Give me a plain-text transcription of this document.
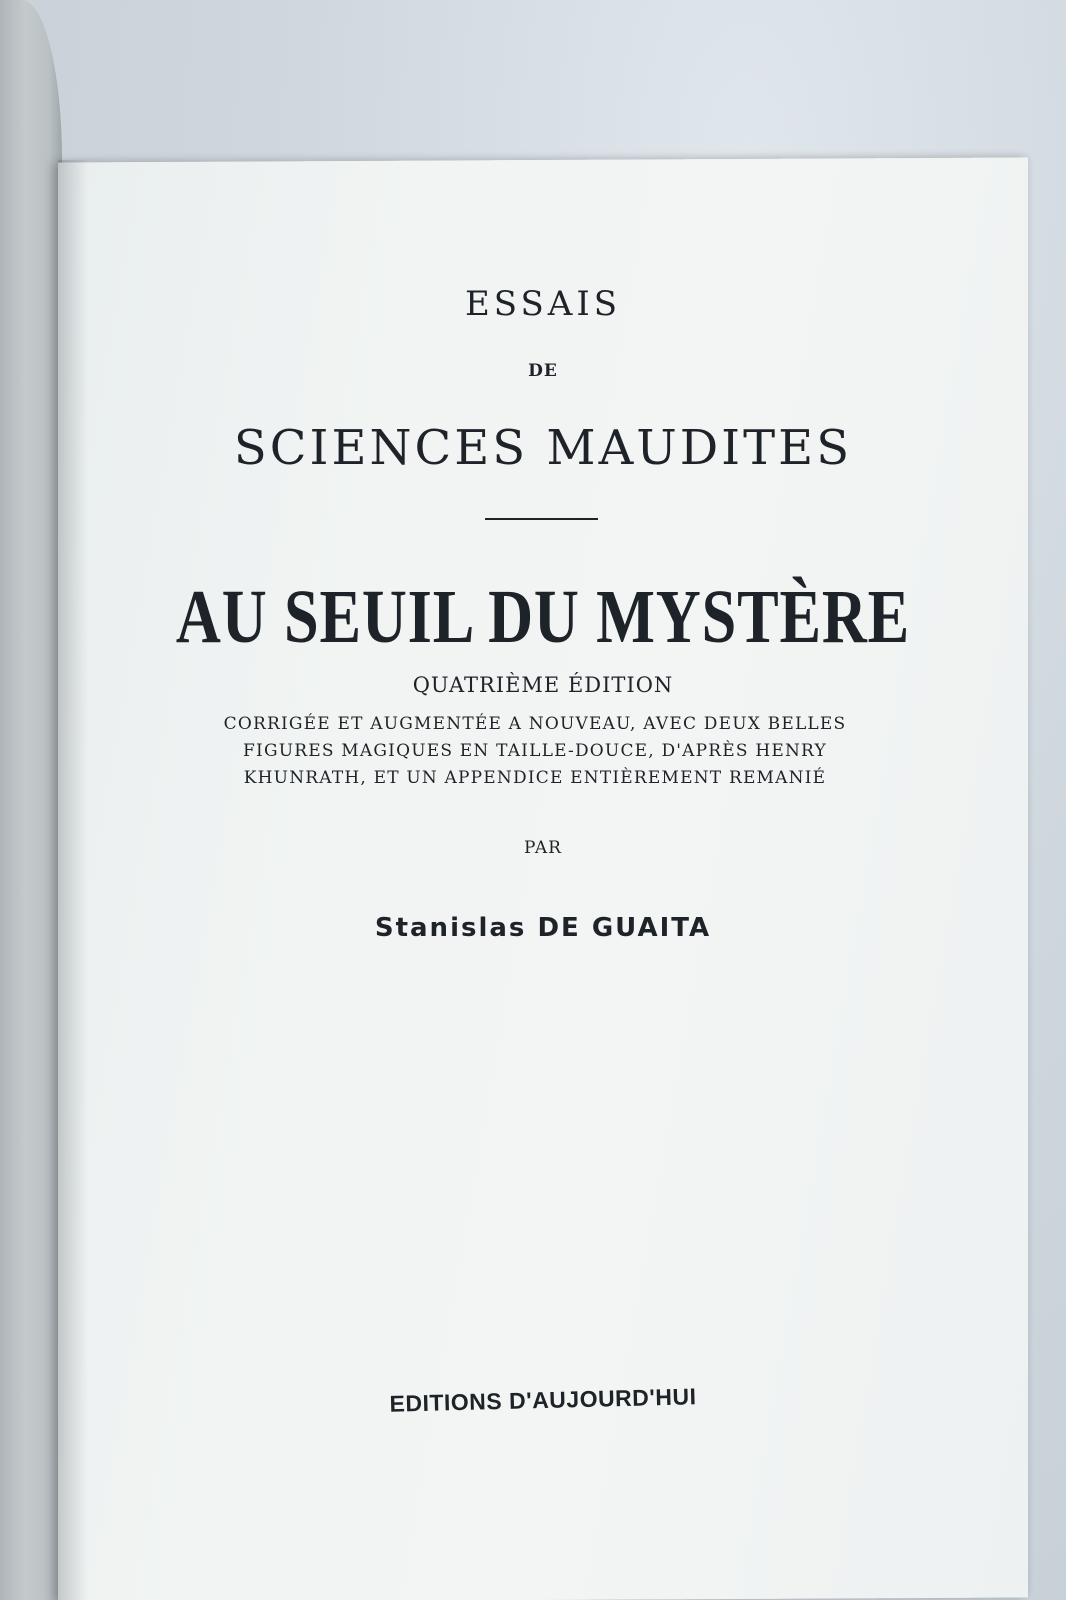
ESSAIS

DE

SCIENCES MAUDITES

AU SEUIL DU MYSTÈRE

QUATRIÈME ÉDITION

CORRIGÉE ET AUGMENTÉE A NOUVEAU, AVEC DEUX BELLES
FIGURES MAGIQUES EN TAILLE-DOUCE, D'APRÈS HENRY
KHUNRATH, ET UN APPENDICE ENTIÈREMENT REMANIÉ

PAR

Stanislas DE GUAITA

EDITIONS D'AUJOURD'HUI
